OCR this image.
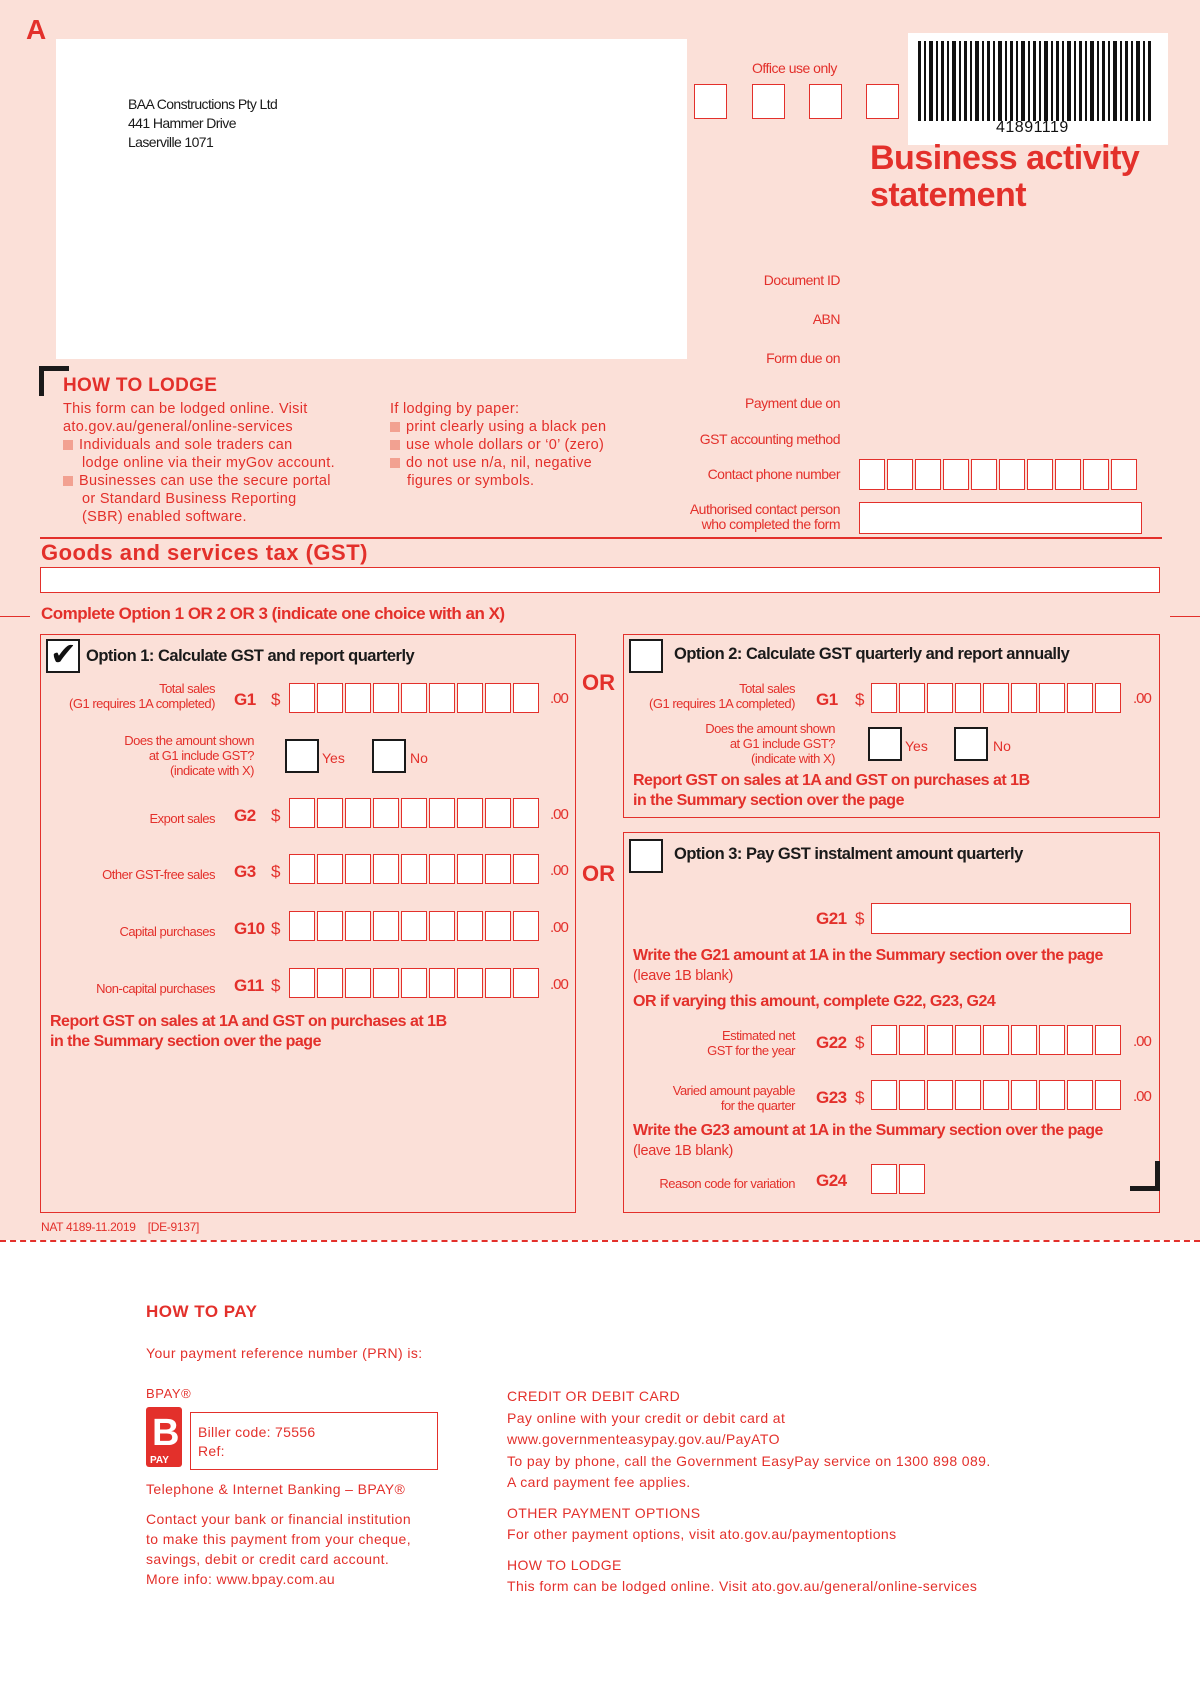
A
BAA Constructions Pty Ltd
441 Hammer Drive
Laserville 1071
Office use only
41891119
Business activity
statement
Document ID
ABN
Form due on
Payment due on
GST accounting method
Contact phone number
Authorised contact person
who completed the form
HOW TO LODGE
This form can be lodged online. Visit
ato.gov.au/general/online-services
Individuals and sole traders can
lodge online via their myGov account.
Businesses can use the secure portal
or Standard Business Reporting
(SBR) enabled software.
If lodging by paper:
print clearly using a black pen
use whole dollars or ‘0’ (zero)
do not use n/a, nil, negative
figures or symbols.
Goods and services tax (GST)
Complete Option 1 OR 2 OR 3 (indicate one choice with an X)
✔ Option 1: Calculate GST and report quarterly
Total sales
(G1 requires 1A completed) G1 $	.00
Does the amount shown
at G1 include GST?
(indicate with X)
Yes	No
Export sales G2 $	.00
Other GST-free sales G3 $	.00
Capital purchases G10 $	.00
Non-capital purchases G11 $	.00
Report GST on sales at 1A and GST on purchases at 1B
in the Summary section over the page
OR
OR
Option 2: Calculate GST quarterly and report annually
Total sales
(G1 requires 1A completed) G1 $	.00
Does the amount shown
at G1 include GST?
(indicate with X)
Yes	No
Report GST on sales at 1A and GST on purchases at 1B
in the Summary section over the page
Option 3: Pay GST instalment amount quarterly
G21 $
Write the G21 amount at 1A in the Summary section over the page
(leave 1B blank)
OR if varying this amount, complete G22, G23, G24
Estimated net
GST for the year G22 $	.00
Varied amount payable
for the quarter G23 $	.00
Write the G23 amount at 1A in the Summary section over the page
(leave 1B blank)
Reason code for variation G24
NAT 4189-11.2019    [DE-9137]
HOW TO PAY
Your payment reference number (PRN) is:
BPAY®
B
PAY
Biller code: 75556
Ref:
Telephone & Internet Banking – BPAY®
Contact your bank or financial institution
to make this payment from your cheque,
savings, debit or credit card account.
More info: www.bpay.com.au
CREDIT OR DEBIT CARD
Pay online with your credit or debit card at
www.governmenteasypay.gov.au/PayATO
To pay by phone, call the Government EasyPay service on 1300 898 089.
A card payment fee applies.
OTHER PAYMENT OPTIONS
For other payment options, visit ato.gov.au/paymentoptions
HOW TO LODGE
This form can be lodged online. Visit ato.gov.au/general/online-services
